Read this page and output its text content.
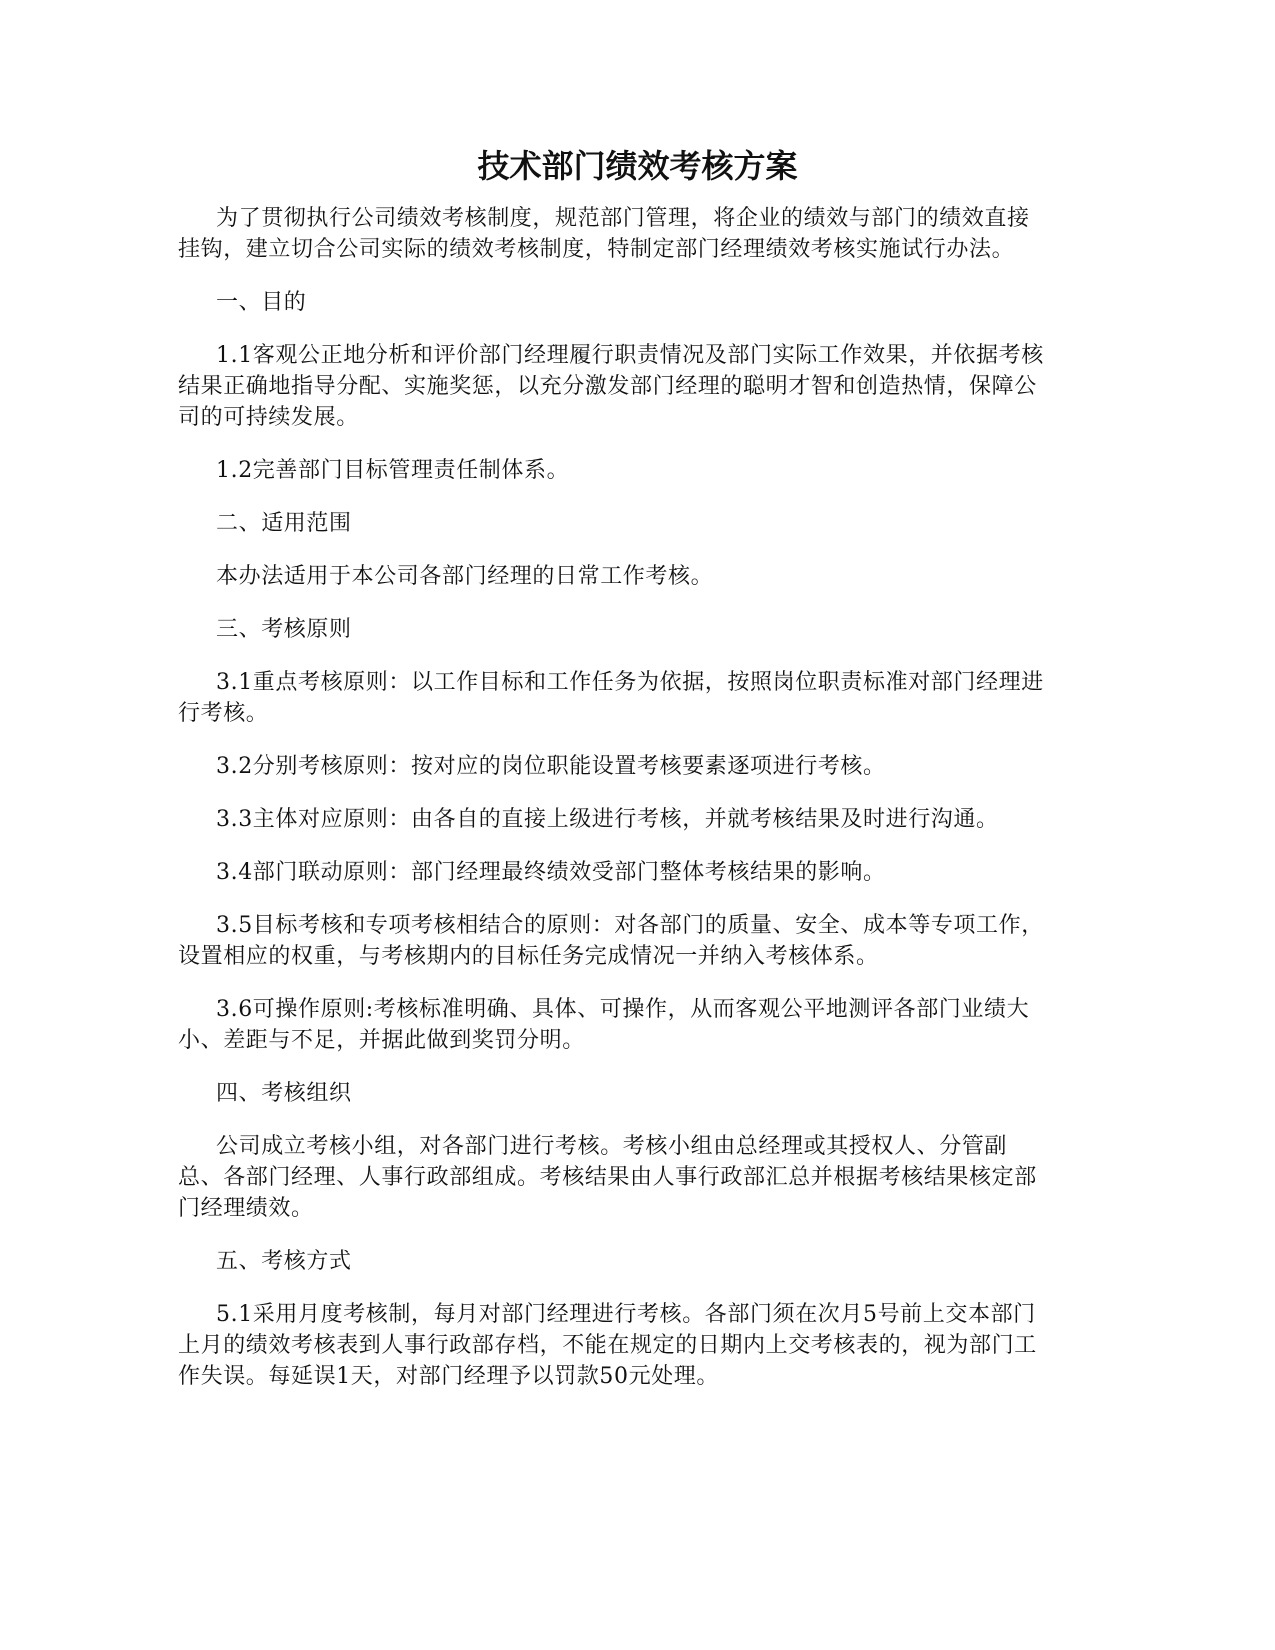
技术部门绩效考核方案

为了贯彻执行公司绩效考核制度，规范部门管理，将企业的绩效与部门的绩效直接挂钩，建立切合公司实际的绩效考核制度，特制定部门经理绩效考核实施试行办法。

一、目的

1.1客观公正地分析和评价部门经理履行职责情况及部门实际工作效果，并依据考核结果正确地指导分配、实施奖惩，以充分激发部门经理的聪明才智和创造热情，保障公司的可持续发展。

1.2完善部门目标管理责任制体系。

二、适用范围

本办法适用于本公司各部门经理的日常工作考核。

三、考核原则

3.1重点考核原则：以工作目标和工作任务为依据，按照岗位职责标准对部门经理进行考核。

3.2分别考核原则：按对应的岗位职能设置考核要素逐项进行考核。

3.3主体对应原则：由各自的直接上级进行考核，并就考核结果及时进行沟通。

3.4部门联动原则：部门经理最终绩效受部门整体考核结果的影响。

3.5目标考核和专项考核相结合的原则：对各部门的质量、安全、成本等专项工作，设置相应的权重，与考核期内的目标任务完成情况一并纳入考核体系。

3.6可操作原则:考核标准明确、具体、可操作，从而客观公平地测评各部门业绩大小、差距与不足，并据此做到奖罚分明。

四、考核组织

公司成立考核小组，对各部门进行考核。考核小组由总经理或其授权人、分管副总、各部门经理、人事行政部组成。考核结果由人事行政部汇总并根据考核结果核定部门经理绩效。

五、考核方式

5.1采用月度考核制，每月对部门经理进行考核。各部门须在次月5号前上交本部门上月的绩效考核表到人事行政部存档，不能在规定的日期内上交考核表的，视为部门工作失误。每延误1天，对部门经理予以罚款50元处理。
